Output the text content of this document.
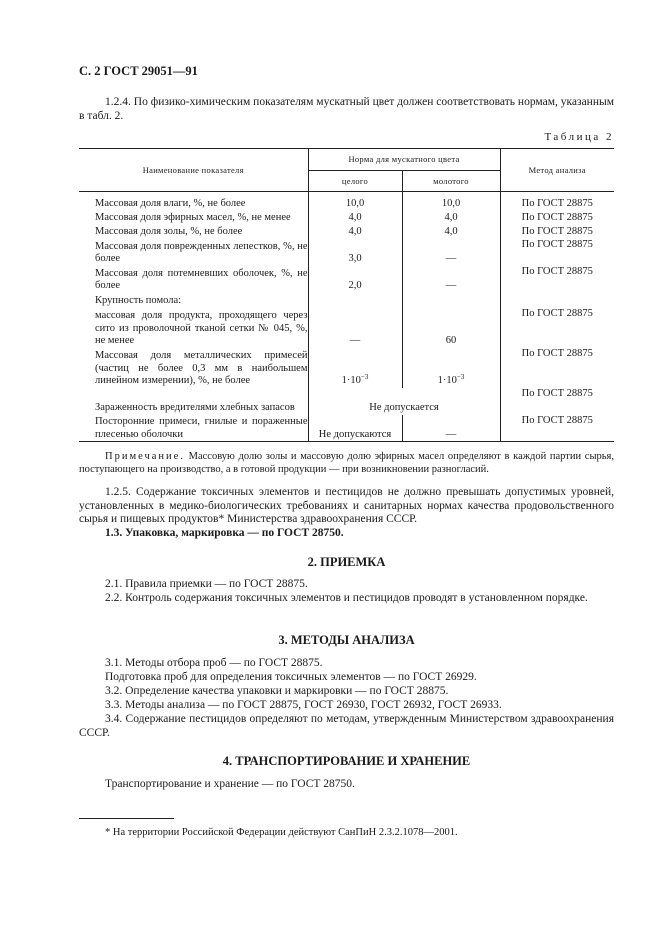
С. 2 ГОСТ 29051—91
1.2.4. По физико-химическим показателям мускатный цвет должен соответствовать нормам, указанным в табл. 2.
Таблица 2
Наименование показателя	Норма для мускатного цвета		Метод анализа
	целого	молотого	
Массовая доля влаги, %, не более	10,0	10,0	По ГОСТ 28875
Массовая доля эфирных масел, %, не менее	4,0	4,0	По ГОСТ 28875
Массовая доля золы, %, не более	4,0	4,0	По ГОСТ 28875
Массовая доля поврежденных лепестков, %, не более	3,0	—	По ГОСТ 28875
Массовая доля потемневших оболочек, %, не более	2,0	—	По ГОСТ 28875
Крупность помола:			
массовая доля продукта, проходящего через сито из проволочной тканой сетки № 045, %, не менее	—	60	По ГОСТ 28875
Массовая доля металлических примесей (частиц не более 0,3 мм в наибольшем линейном измерении), %, не более	$1\cdot 10^{-3}$	$1\cdot 10^{-3}$	По ГОСТ 28875
Зараженность вредителями хлебных запасов	Не допускается		По ГОСТ 28875
Посторонние примеси, гнилые и пораженные плесенью оболочки	Не допускаются	—	По ГОСТ 28875
Примечание. Массовую долю золы и массовую долю эфирных масел определяют в каждой партии сырья, поступающего на производство, а в готовой продукции — при возникновении разногласий.
1.2.5. Содержание токсичных элементов и пестицидов не должно превышать допустимых уровней, установленных в медико-биологических требованиях и санитарных нормах качества продовольственного сырья и пищевых продуктов* Министерства здравоохранения СССР.
1.3. Упаковка, маркировка — по ГОСТ 28750.
2. ПРИЕМКА
2.1. Правила приемки — по ГОСТ 28875.
2.2. Контроль содержания токсичных элементов и пестицидов проводят в установленном порядке.
3. МЕТОДЫ АНАЛИЗА
3.1. Методы отбора проб — по ГОСТ 28875.
Подготовка проб для определения токсичных элементов — по ГОСТ 26929.
3.2. Определение качества упаковки и маркировки — по ГОСТ 28875.
3.3. Методы анализа — по ГОСТ 28875, ГОСТ 26930, ГОСТ 26932, ГОСТ 26933.
3.4. Содержание пестицидов определяют по методам, утвержденным Министерством здравоохранения СССР.
4. ТРАНСПОРТИРОВАНИЕ И ХРАНЕНИЕ
Транспортирование и хранение — по ГОСТ 28750.
* На территории Российской Федерации действуют СанПиН 2.3.2.1078—2001.
